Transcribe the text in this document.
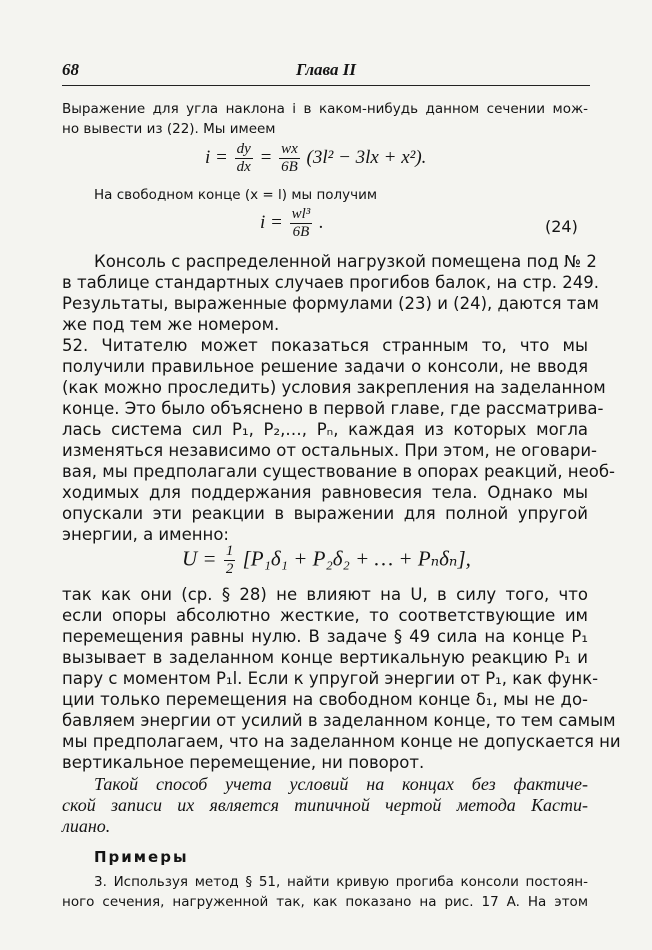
68	Глава II
Выражение для угла наклона i в каком-нибудь данном сечении мож-
но вывести из (22). Мы имеем
$i = \frac{dy}{dx} = \frac{wx}{6B} (3l^2 - 3lx + x^2)$.
На свободном конце (x = l) мы получим
$i = \frac{\text{wl³}}{6B}$ .	(24)
Консоль с распределенной нагрузкой помещена под № 2
в таблице стандартных случаев прогибов балок, на стр. 249.
Результаты, выраженные формулами (23) и (24), даются там
же под тем же номером.
52. Читателю может показаться странным то, что мы
получили правильное решение задачи о консоли, не вводя
(как можно проследить) условия закрепления на заделанном
конце. Это было объяснено в первой главе, где рассматрива-
лась система сил P₁, P₂,…, Pₙ, каждая из которых могла
изменяться независимо от остальных. При этом, не оговари-
вая, мы предполагали существование в опорах реакций, необ-
ходимых для поддержания равновесия тела. Однако мы
опускали эти реакции в выражении для полной упругой
энергии, а именно:
$U = \frac{1}{2} [P_1\delta_1 + P_2\delta_2$ + … + Pₙδₙ],
так как они (ср. § 28) не влияют на U, в силу того, что
если опоры абсолютно жесткие, то соответствующие им
перемещения равны нулю. В задаче § 49 сила на конце P₁
вызывает в заделанном конце вертикальную реакцию P₁ и
пару с моментом P₁l. Если к упругой энергии от P₁, как функ-
ции только перемещения на свободном конце δ₁, мы не до-
бавляем энергии от усилий в заделанном конце, то тем самым
мы предполагаем, что на заделанном конце не допускается ни
вертикальное перемещение, ни поворот.
Такой способ учета условий на концах без фактиче-
ской записи их является типичной чертой метода Касти-
лиано.
Примеры
3. Используя метод § 51, найти кривую прогиба консоли постоян-
ного сечения, нагруженной так, как показано на рис. 17 A. На этом
